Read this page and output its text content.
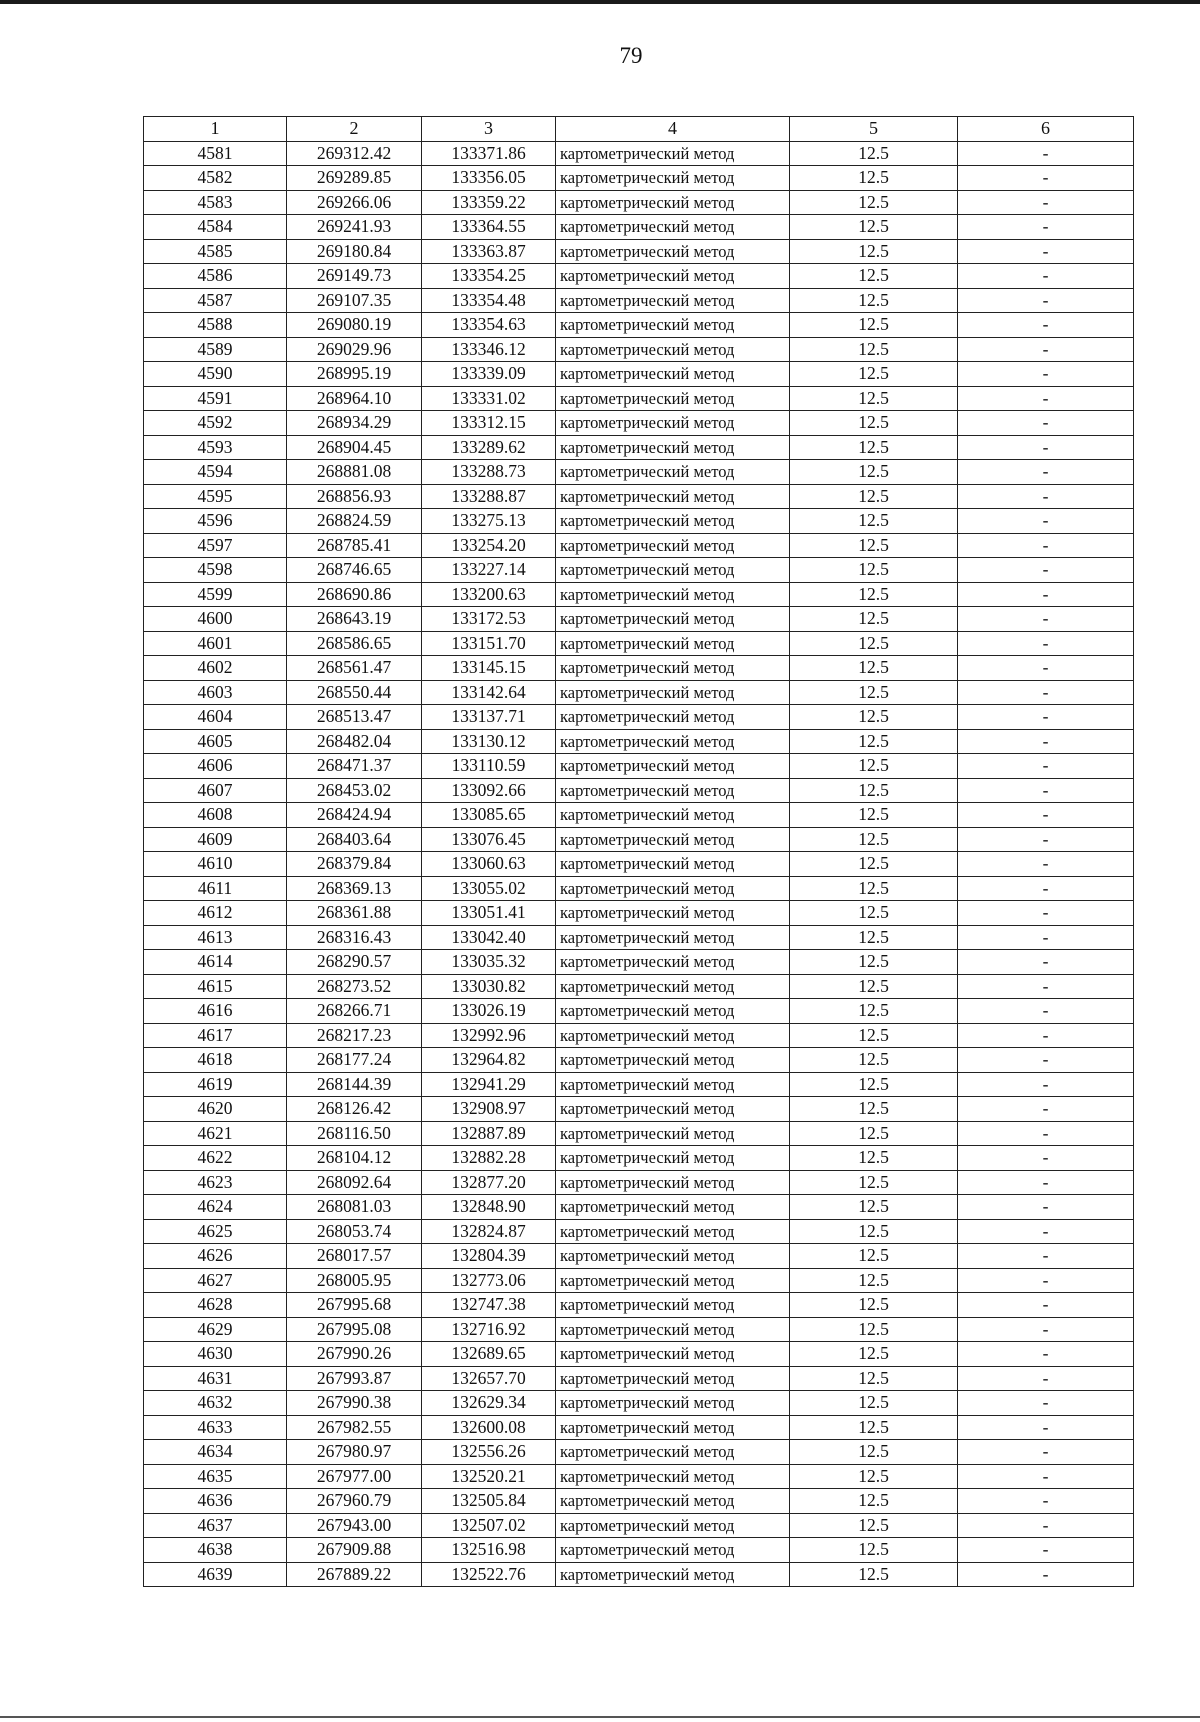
79
1	2	3	4	5	6
4581	269312.42	133371.86	картометрический метод	12.5	-
4582	269289.85	133356.05	картометрический метод	12.5	-
4583	269266.06	133359.22	картометрический метод	12.5	-
4584	269241.93	133364.55	картометрический метод	12.5	-
4585	269180.84	133363.87	картометрический метод	12.5	-
4586	269149.73	133354.25	картометрический метод	12.5	-
4587	269107.35	133354.48	картометрический метод	12.5	-
4588	269080.19	133354.63	картометрический метод	12.5	-
4589	269029.96	133346.12	картометрический метод	12.5	-
4590	268995.19	133339.09	картометрический метод	12.5	-
4591	268964.10	133331.02	картометрический метод	12.5	-
4592	268934.29	133312.15	картометрический метод	12.5	-
4593	268904.45	133289.62	картометрический метод	12.5	-
4594	268881.08	133288.73	картометрический метод	12.5	-
4595	268856.93	133288.87	картометрический метод	12.5	-
4596	268824.59	133275.13	картометрический метод	12.5	-
4597	268785.41	133254.20	картометрический метод	12.5	-
4598	268746.65	133227.14	картометрический метод	12.5	-
4599	268690.86	133200.63	картометрический метод	12.5	-
4600	268643.19	133172.53	картометрический метод	12.5	-
4601	268586.65	133151.70	картометрический метод	12.5	-
4602	268561.47	133145.15	картометрический метод	12.5	-
4603	268550.44	133142.64	картометрический метод	12.5	-
4604	268513.47	133137.71	картометрический метод	12.5	-
4605	268482.04	133130.12	картометрический метод	12.5	-
4606	268471.37	133110.59	картометрический метод	12.5	-
4607	268453.02	133092.66	картометрический метод	12.5	-
4608	268424.94	133085.65	картометрический метод	12.5	-
4609	268403.64	133076.45	картометрический метод	12.5	-
4610	268379.84	133060.63	картометрический метод	12.5	-
4611	268369.13	133055.02	картометрический метод	12.5	-
4612	268361.88	133051.41	картометрический метод	12.5	-
4613	268316.43	133042.40	картометрический метод	12.5	-
4614	268290.57	133035.32	картометрический метод	12.5	-
4615	268273.52	133030.82	картометрический метод	12.5	-
4616	268266.71	133026.19	картометрический метод	12.5	-
4617	268217.23	132992.96	картометрический метод	12.5	-
4618	268177.24	132964.82	картометрический метод	12.5	-
4619	268144.39	132941.29	картометрический метод	12.5	-
4620	268126.42	132908.97	картометрический метод	12.5	-
4621	268116.50	132887.89	картометрический метод	12.5	-
4622	268104.12	132882.28	картометрический метод	12.5	-
4623	268092.64	132877.20	картометрический метод	12.5	-
4624	268081.03	132848.90	картометрический метод	12.5	-
4625	268053.74	132824.87	картометрический метод	12.5	-
4626	268017.57	132804.39	картометрический метод	12.5	-
4627	268005.95	132773.06	картометрический метод	12.5	-
4628	267995.68	132747.38	картометрический метод	12.5	-
4629	267995.08	132716.92	картометрический метод	12.5	-
4630	267990.26	132689.65	картометрический метод	12.5	-
4631	267993.87	132657.70	картометрический метод	12.5	-
4632	267990.38	132629.34	картометрический метод	12.5	-
4633	267982.55	132600.08	картометрический метод	12.5	-
4634	267980.97	132556.26	картометрический метод	12.5	-
4635	267977.00	132520.21	картометрический метод	12.5	-
4636	267960.79	132505.84	картометрический метод	12.5	-
4637	267943.00	132507.02	картометрический метод	12.5	-
4638	267909.88	132516.98	картометрический метод	12.5	-
4639	267889.22	132522.76	картометрический метод	12.5	-
